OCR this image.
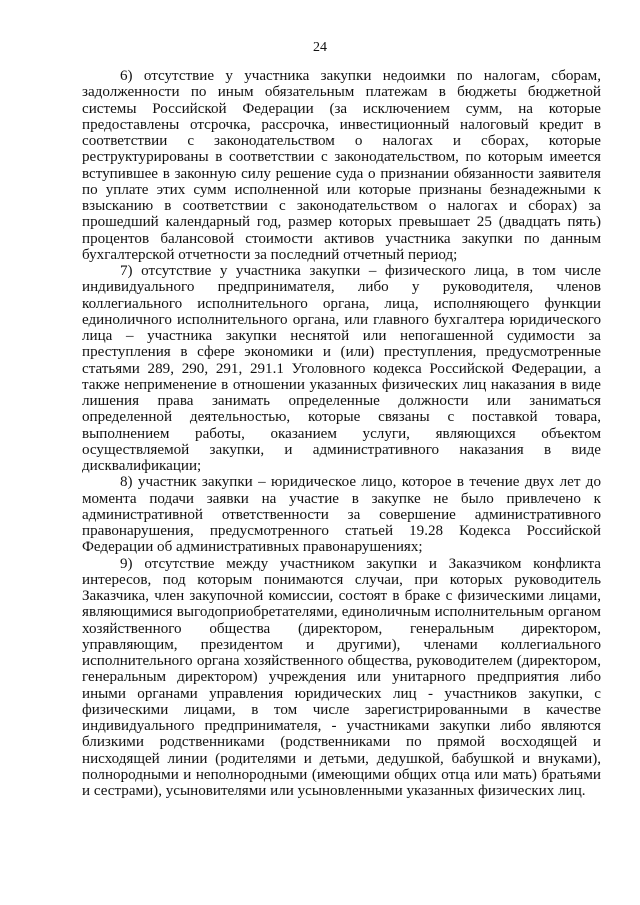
24

6) отсутствие у участника закупки недоимки по налогам, сборам, задолженности по иным обязательным платежам в бюджеты бюджетной системы Российской Федерации (за исключением сумм, на которые предоставлены отсрочка, рассрочка, инвестиционный налоговый кредит в соответствии с законодательством о налогах и сборах, которые реструктурированы в соответствии с законодательством, по которым имеется вступившее в законную силу решение суда о признании обязанности заявителя по уплате этих сумм исполненной или которые признаны безнадежными к взысканию в соответствии с законодательством о налогах и сборах) за прошедший календарный год, размер которых превышает 25 (двадцать пять) процентов балансовой стоимости активов участника закупки по данным бухгалтерской отчетности за последний отчетный период;

7) отсутствие у участника закупки – физического лица, в том числе индивидуального предпринимателя, либо у руководителя, членов коллегиального исполнительного органа, лица, исполняющего функции единоличного исполнительного органа, или главного бухгалтера юридического лица – участника закупки неснятой или непогашенной судимости за преступления в сфере экономики и (или) преступления, предусмотренные статьями 289, 290, 291, 291.1 Уголовного кодекса Российской Федерации, а также неприменение в отношении указанных физических лиц наказания в виде лишения права занимать определенные должности или заниматься определенной деятельностью, которые связаны с поставкой товара, выполнением работы, оказанием услуги, являющихся объектом осуществляемой закупки, и административного наказания в виде дисквалификации;

8) участник закупки – юридическое лицо, которое в течение двух лет до момента подачи заявки на участие в закупке не было привлечено к административной ответственности за совершение административного правонарушения, предусмотренного статьей 19.28 Кодекса Российской Федерации об административных правонарушениях;

9) отсутствие между участником закупки и Заказчиком конфликта интересов, под которым понимаются случаи, при которых руководитель Заказчика, член закупочной комиссии, состоят в браке с физическими лицами, являющимися выгодоприобретателями, единоличным исполнительным органом хозяйственного общества (директором, генеральным директором, управляющим, президентом и другими), членами коллегиального исполнительного органа хозяйственного общества, руководителем (директором, генеральным директором) учреждения или унитарного предприятия либо иными органами управления юридических лиц - участников закупки, с физическими лицами, в том числе зарегистрированными в качестве индивидуального предпринимателя, - участниками закупки либо являются близкими родственниками (родственниками по прямой восходящей и нисходящей линии (родителями и детьми, дедушкой, бабушкой и внуками), полнородными и неполнородными (имеющими общих отца или мать) братьями и сестрами), усыновителями или усыновленными указанных физических лиц.
